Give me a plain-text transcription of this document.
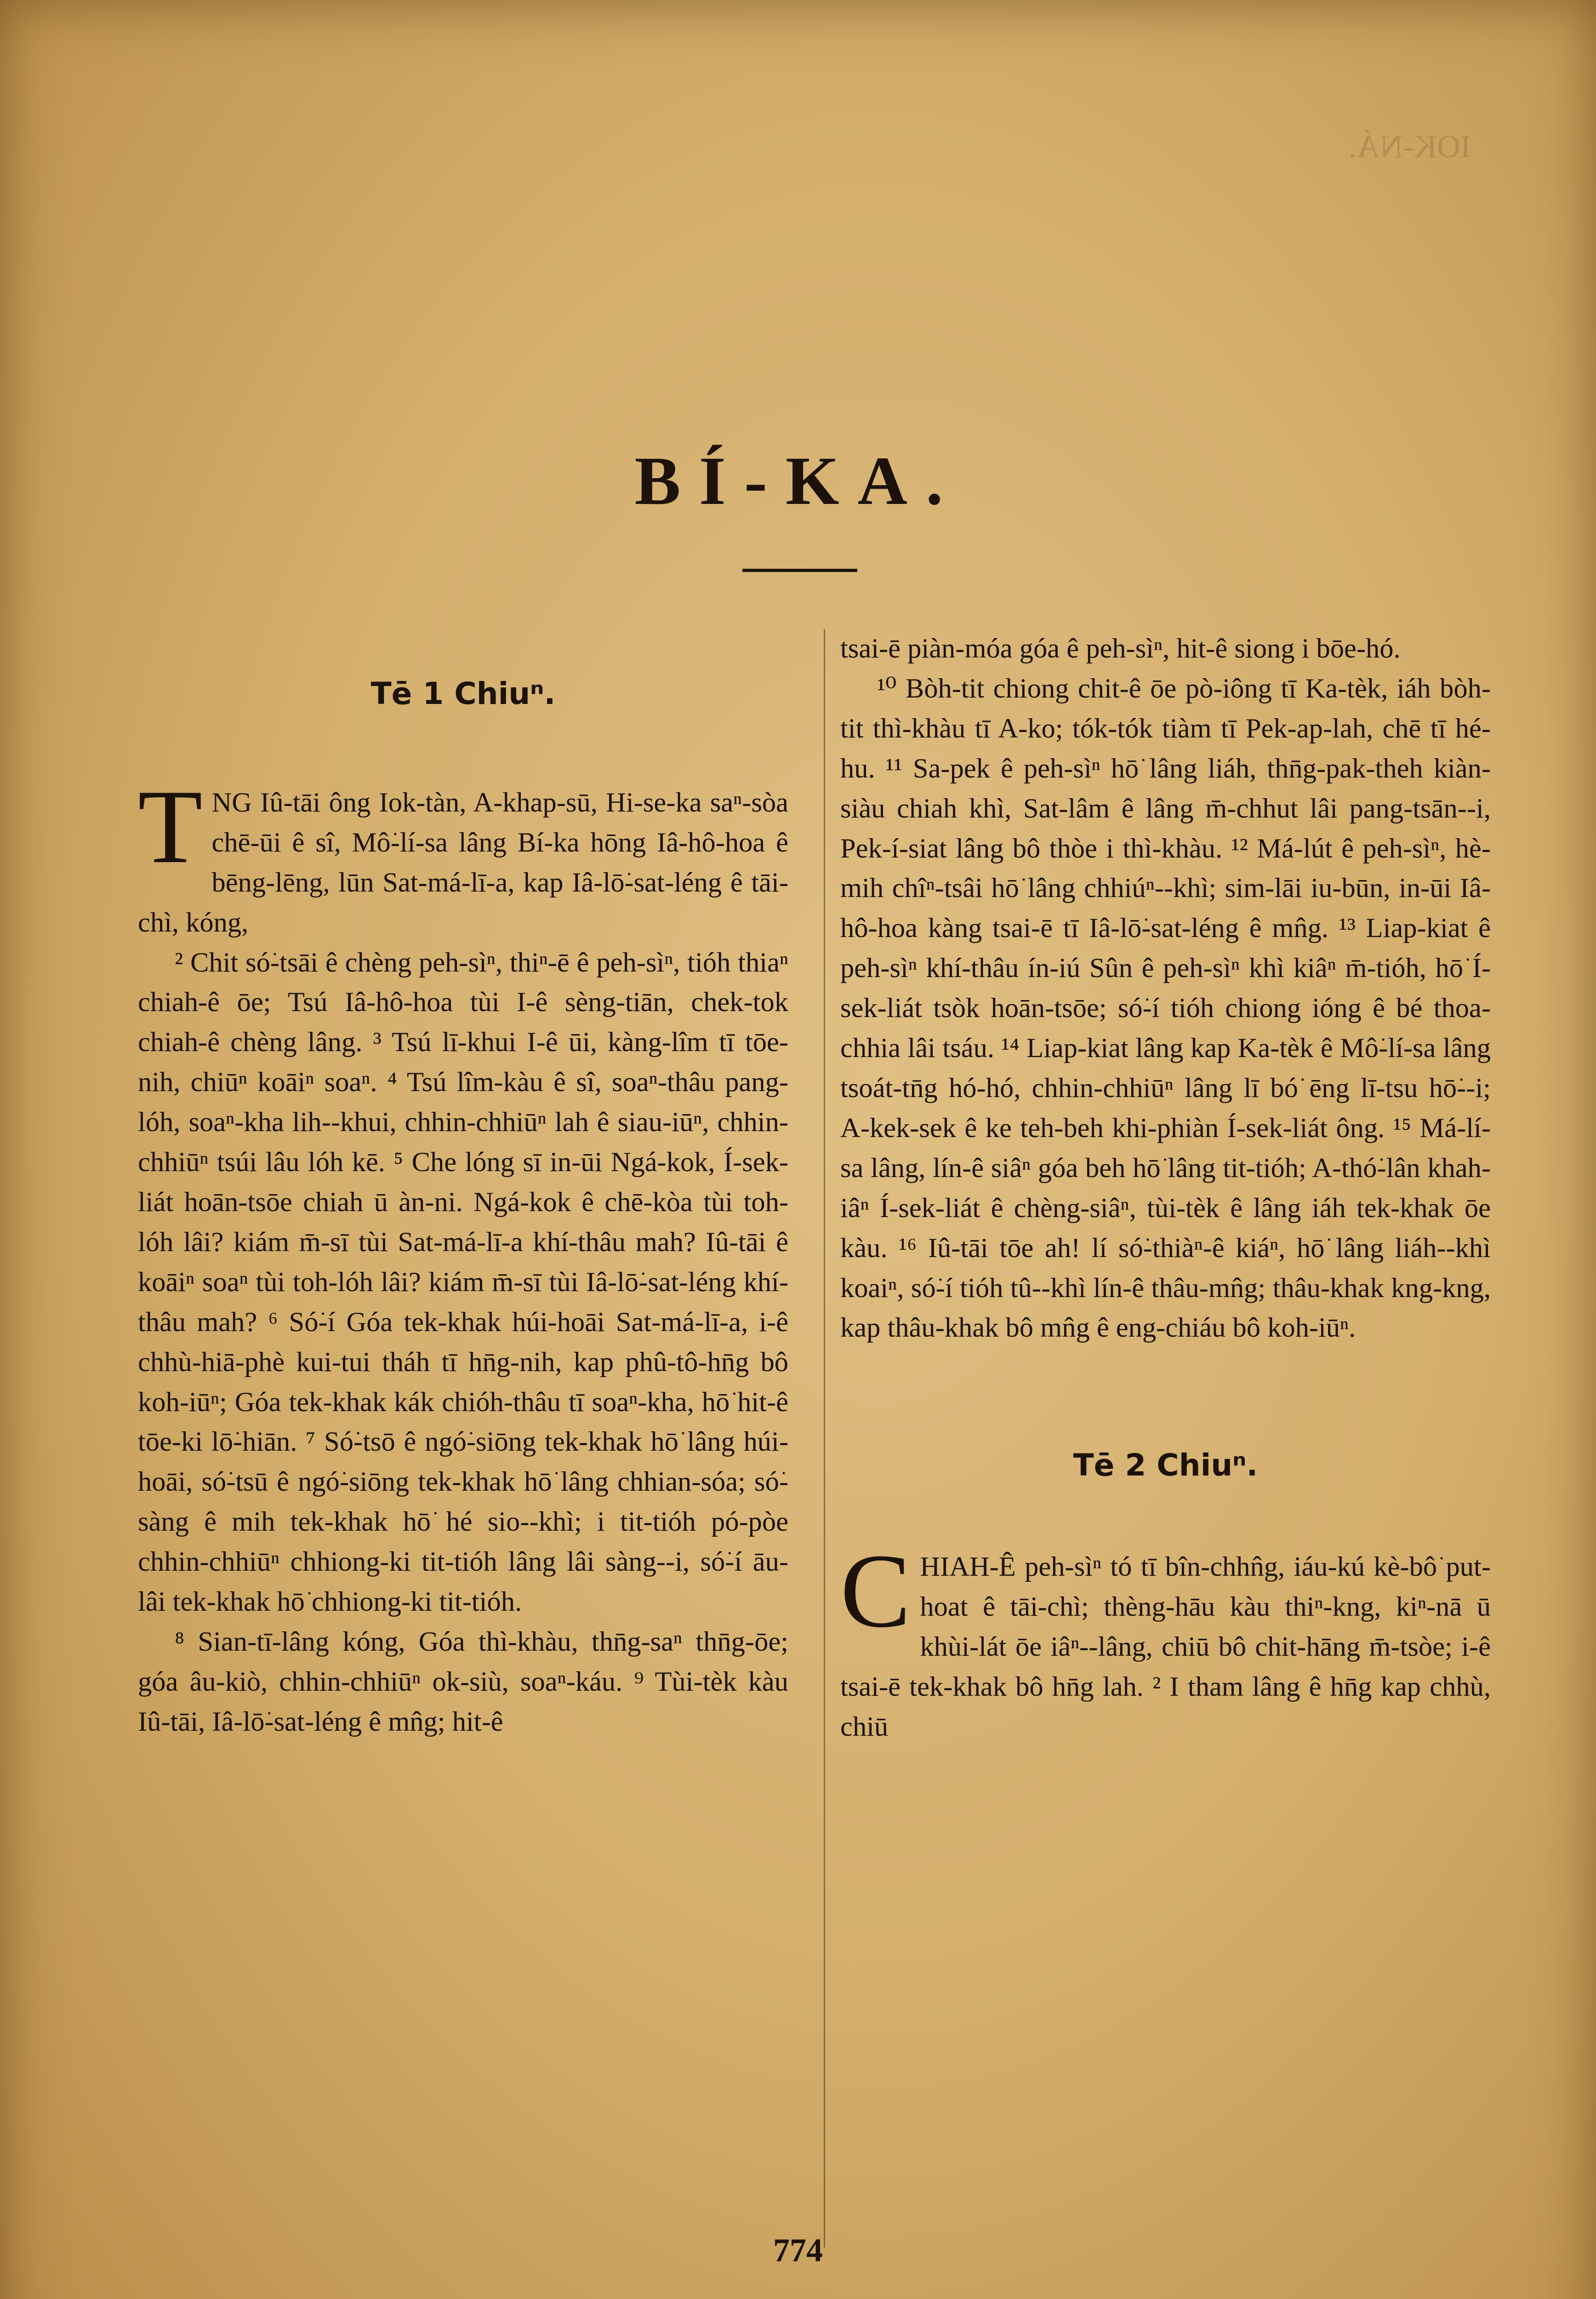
IOK-NÁ.
BÍ-KA.
Tē 1 Chiuⁿ.

TNG Iû-tāi ông Iok-tàn, A-khap-sū, Hi-se-ka saⁿ-sòa chē-ūi ê sî, Mô͘-lí-sa lâng Bí-ka hōng Iâ-hô-hoa ê bēng-lēng, lūn Sat-má-lī-a, kap Iâ-lō͘-sat-léng ê tāi-chì, kóng,

² Chit só͘-tsāi ê chèng peh-sìⁿ, thiⁿ-ē ê peh-sìⁿ, tióh thiaⁿ chiah-ê ōe; Tsú Iâ-hô-hoa tùi I-ê sèng-tiān, chek-tok chiah-ê chèng lâng. ³ Tsú lī-khui I-ê ūi, kàng-lîm tī tōe-nih, chiūⁿ koāiⁿ soaⁿ. ⁴ Tsú lîm-kàu ê sî, soaⁿ-thâu pang-lóh, soaⁿ-kha lih--khui, chhin-chhiūⁿ lah ê siau-iūⁿ, chhin-chhiūⁿ tsúi lâu lóh kē. ⁵ Che lóng sī in-ūi Ngá-kok, Í-sek-liát hoān-tsōe chiah ū àn-ni. Ngá-kok ê chē-kòa tùi toh-lóh lâi? kiám m̄-sī tùi Sat-má-lī-a khí-thâu mah? Iû-tāi ê koāiⁿ soaⁿ tùi toh-lóh lâi? kiám m̄-sī tùi Iâ-lō͘-sat-léng khí-thâu mah? ⁶ Só͘-í Góa tek-khak húi-hoāi Sat-má-lī-a, i-ê chhù-hiā-phè kui-tui tháh tī hn̄g-nih, kap phû-tô-hn̄g bô koh-iūⁿ; Góa tek-khak kák chióh-thâu tī soaⁿ-kha, hō͘ hit-ê tōe-ki lō͘-hiān. ⁷ Só͘-tsō ê ngó͘-siōng tek-khak hō͘ lâng húi-hoāi, só͘-tsū ê ngó͘-siōng tek-khak hō͘ lâng chhian-sóa; só͘-sàng ê mih tek-khak hō͘ hé sio--khì; i tit-tióh pó-pòe chhin-chhiūⁿ chhiong-ki tit-tióh lâng lâi sàng--i, só͘-í āu-lâi tek-khak hō͘ chhiong-ki tit-tióh.

⁸ Sian-tī-lâng kóng, Góa thì-khàu, thn̄g-saⁿ thn̄g-ōe; góa âu-kiò, chhin-chhiūⁿ ok-siù, soaⁿ-káu. ⁹ Tùi-tèk kàu Iû-tāi, Iâ-lō͘-sat-léng ê mn̂g; hit-ê

tsai-ē piàn-móa góa ê peh-sìⁿ, hit-ê siong i bōe-hó.

¹⁰ Bòh-tit chiong chit-ê ōe pò-iông tī Ka-tèk, iáh bòh-tit thì-khàu tī A-ko; tók-tók tiàm tī Pek-ap-lah, chē tī hé-hu. ¹¹ Sa-pek ê peh-sìⁿ hō͘ lâng liáh, thn̄g-pak-theh kiàn-siàu chiah khì, Sat-lâm ê lâng m̄-chhut lâi pang-tsān--i, Pek-í-siat lâng bô thòe i thì-khàu. ¹² Má-lút ê peh-sìⁿ, hè-mih chîⁿ-tsâi hō͘ lâng chhiúⁿ--khì; sim-lāi iu-būn, in-ūi Iâ-hô-hoa kàng tsai-ē tī Iâ-lō͘-sat-léng ê mn̂g. ¹³ Liap-kiat ê peh-sìⁿ khí-thâu ín-iú Sûn ê peh-sìⁿ khì kiâⁿ m̄-tióh, hō͘ Í-sek-liát tsòk hoān-tsōe; só͘-í tióh chiong ióng ê bé thoa-chhia lâi tsáu. ¹⁴ Liap-kiat lâng kap Ka-tèk ê Mô͘-lí-sa lâng tsoát-tn̄g hó-hó, chhin-chhiūⁿ lâng lī bó͘ ēng lī-tsu hō͘--i; A-kek-sek ê ke teh-beh khi-phiàn Í-sek-liát ông. ¹⁵ Má-lí-sa lâng, lín-ê siâⁿ góa beh hō͘ lâng tit-tióh; A-thó͘-lân khah-iâⁿ Í-sek-liát ê chèng-siâⁿ, tùi-tèk ê lâng iáh tek-khak ōe kàu. ¹⁶ Iû-tāi tōe ah! lí só͘-thiàⁿ-ê kiáⁿ, hō͘ lâng liáh--khì koaiⁿ, só͘-í tióh tû--khì lín-ê thâu-mn̂g; thâu-khak kng-kng, kap thâu-khak bô mn̂g ê eng-chiáu bô koh-iūⁿ.

Tē 2 Chiuⁿ.

CHIAH-Ê peh-sìⁿ tó tī bîn-chhn̂g, iáu-kú kè-bô͘ put-hoat ê tāi-chì; thèng-hāu kàu thiⁿ-kng, kiⁿ-nā ū khùi-lát ōe iâⁿ--lâng, chiū bô chit-hāng m̄-tsòe; i-ê tsai-ē tek-khak bô hn̄g lah. ² I tham lâng ê hn̄g kap chhù, chiū

774
